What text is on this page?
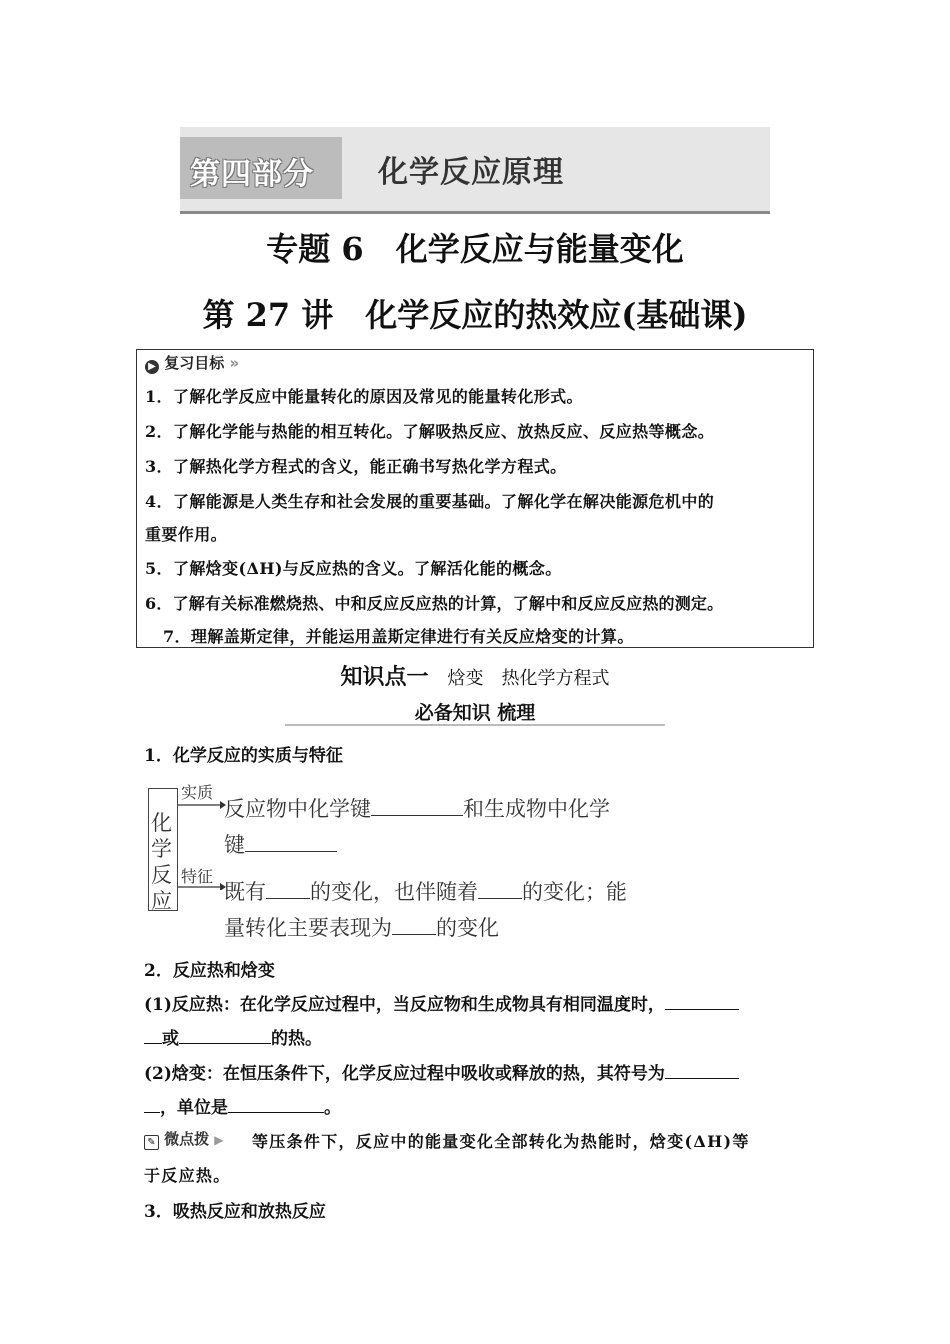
第四部分 化学反应原理
专题 6　化学反应与能量变化
第 27 讲　化学反应的热效应(基础课)
▶ 复习目标 »
1．了解化学反应中能量转化的原因及常见的能量转化形式。
2．了解化学能与热能的相互转化。了解吸热反应、放热反应、反应热等概念。
3．了解热化学方程式的含义，能正确书写热化学方程式。
4．了解能源是人类生存和社会发展的重要基础。了解化学在解决能源危机中的
重要作用。
5．了解焓变(ΔH)与反应热的含义。了解活化能的概念。
6．了解有关标准燃烧热、中和反应反应热的计算，了解中和反应反应热的测定。
7．理解盖斯定律，并能运用盖斯定律进行有关反应焓变的计算。
知识点一 焓变　热化学方程式
必备知识 梳理
1．化学反应的实质与特征
化学反应
实质
特征
反应物中化学键	和生成物中化学
键
既有 的变化，也伴随着 的变化；能
量转化主要表现为 的变化
2．反应热和焓变
(1)反应热：在化学反应过程中，当反应物和生成物具有相同温度时，
或	的热。
(2)焓变：在恒压条件下，化学反应过程中吸收或释放的热，其符号为
，单位是	。
✎ 微点拨 ▶ 等压条件下，反应中的能量变化全部转化为热能时，焓变(ΔH)等
于反应热。
3．吸热反应和放热反应
